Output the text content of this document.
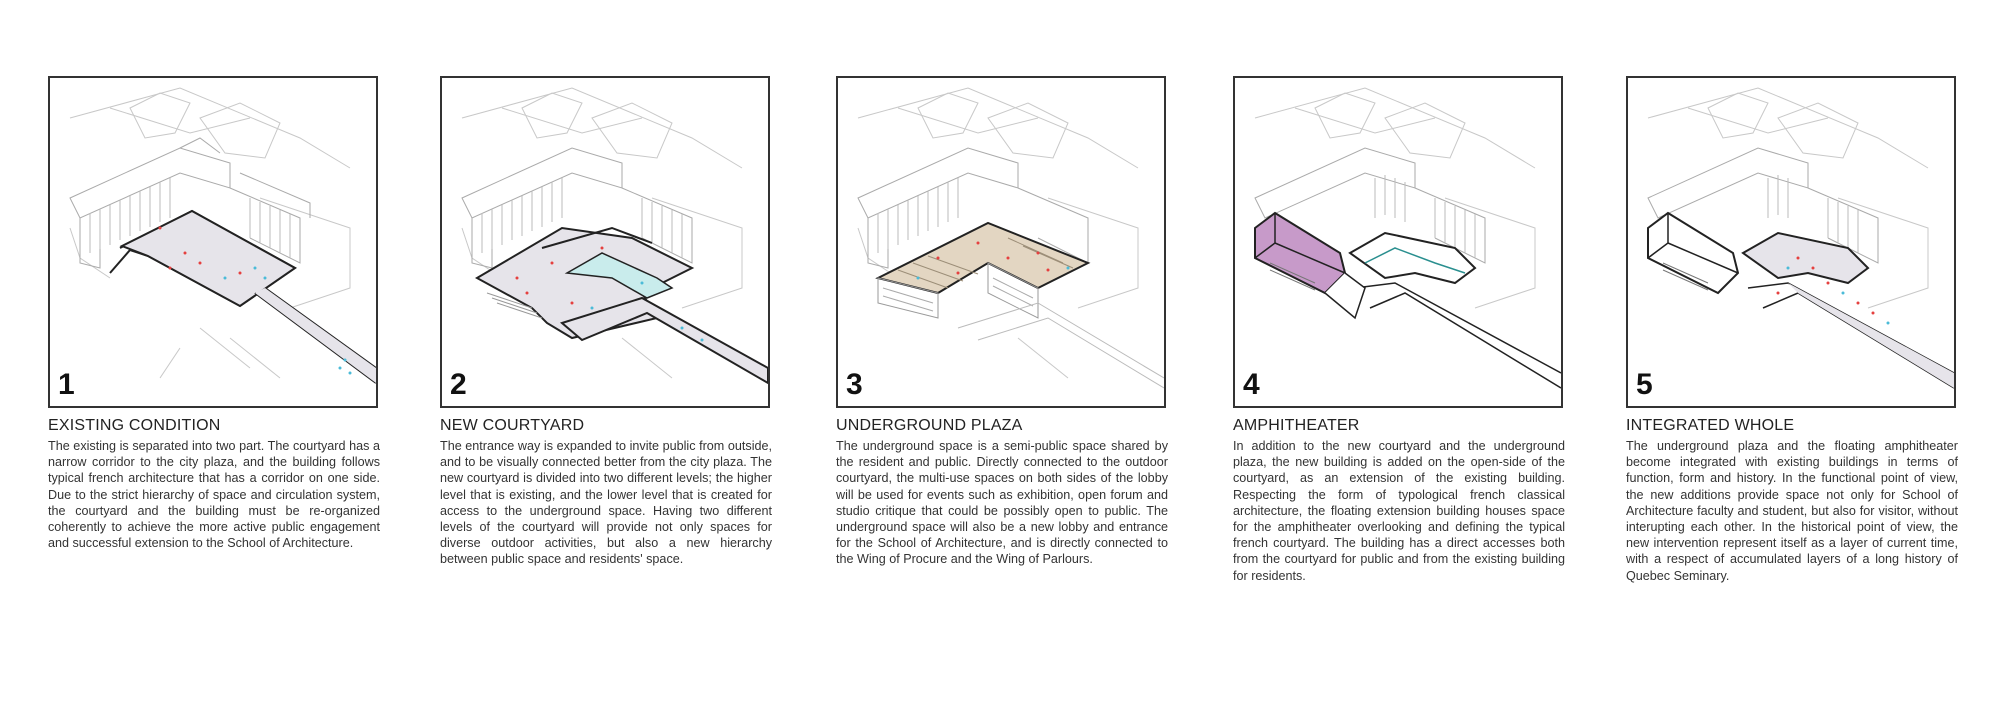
1
EXISTING CONDITION
The existing is separated into two part. The courtyard has a narrow corridor to the city plaza, and the building follows typical french architecture that has a corridor on one side. Due to the strict hierarchy of space and circulation system, the courtyard and the building must be re-organized coherently to achieve the more active public engagement and successful extension to the School of Architecture.
2
NEW COURTYARD
The entrance way is expanded to invite public from outside, and to be visually connected better from the city plaza. The new courtyard is divided into two different levels; the higher level that is existing, and the lower level that is created for access to the underground space. Having two different levels of the courtyard will provide not only spaces for diverse outdoor activities, but also a new hierarchy between public space and residents' space.
3
UNDERGROUND PLAZA
The underground space is a semi-public space shared by the resident and public. Directly connected to the outdoor courtyard, the multi-use spaces on both sides of the lobby will be used for events such as exhibition, open forum and studio critique that could be possibly open to public. The underground space will also be a new lobby and entrance for the School of Architecture, and is directly connected to the Wing of Procure and the Wing of Parlours.
4
AMPHITHEATER
In addition to the new courtyard and the underground plaza, the new building is added on the open-side of the courtyard, as an extension of the existing building. Respecting the form of typological french classical architecture, the floating extension building houses space for the amphitheater overlooking and defining the typical french courtyard. The building has a direct accesses both from the courtyard for public and from the existing building for residents.
5
INTEGRATED WHOLE
The underground plaza and the floating amphitheater become integrated with existing buildings in terms of function, form and history. In the functional point of view, the new additions provide space not only for School of Architecture faculty and student, but also for visitor, without interupting each other. In the historical point of view, the new intervention represent itself as a layer of current time, with a respect of accumulated layers of a long history of Quebec Seminary.
